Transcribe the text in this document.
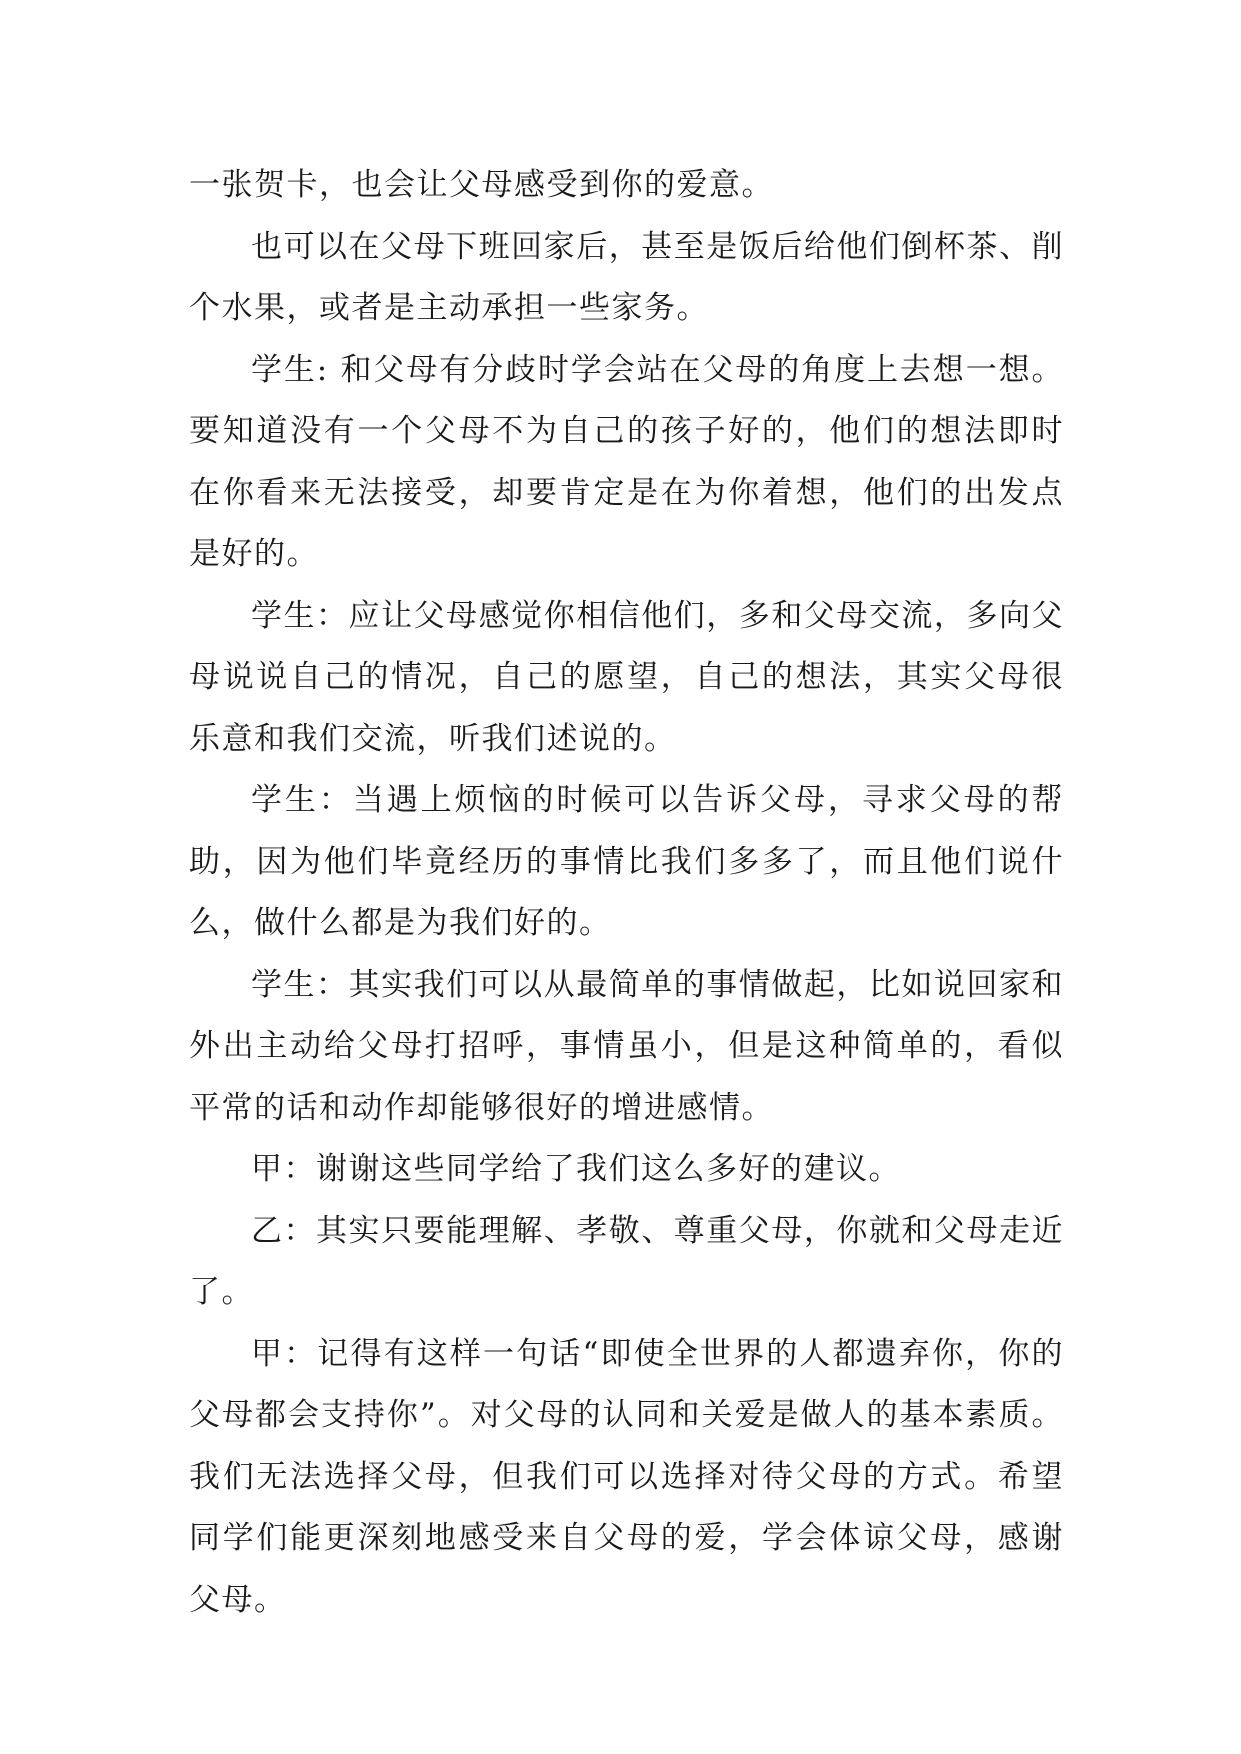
一张贺卡，也会让父母感受到你的爱意。

也可以在父母下班回家后，甚至是饭后给他们倒杯茶、削个水果，或者是主动承担一些家务。

学生: 和父母有分歧时学会站在父母的角度上去想一想。要知道没有一个父母不为自己的孩子好的，他们的想法即时在你看来无法接受，却要肯定是在为你着想，他们的出发点是好的。

学生：应让父母感觉你相信他们，多和父母交流，多向父母说说自己的情况，自己的愿望，自己的想法，其实父母很乐意和我们交流，听我们述说的。

学生：当遇上烦恼的时候可以告诉父母，寻求父母的帮助，因为他们毕竟经历的事情比我们多多了，而且他们说什么，做什么都是为我们好的。

学生：其实我们可以从最简单的事情做起，比如说回家和外出主动给父母打招呼，事情虽小，但是这种简单的，看似平常的话和动作却能够很好的增进感情。

甲：谢谢这些同学给了我们这么多好的建议。

乙：其实只要能理解、孝敬、尊重父母，你就和父母走近了。

甲：记得有这样一句话“即使全世界的人都遗弃你，你的父母都会支持你”。对父母的认同和关爱是做人的基本素质。我们无法选择父母，但我们可以选择对待父母的方式。希望同学们能更深刻地感受来自父母的爱，学会体谅父母，感谢父母。
